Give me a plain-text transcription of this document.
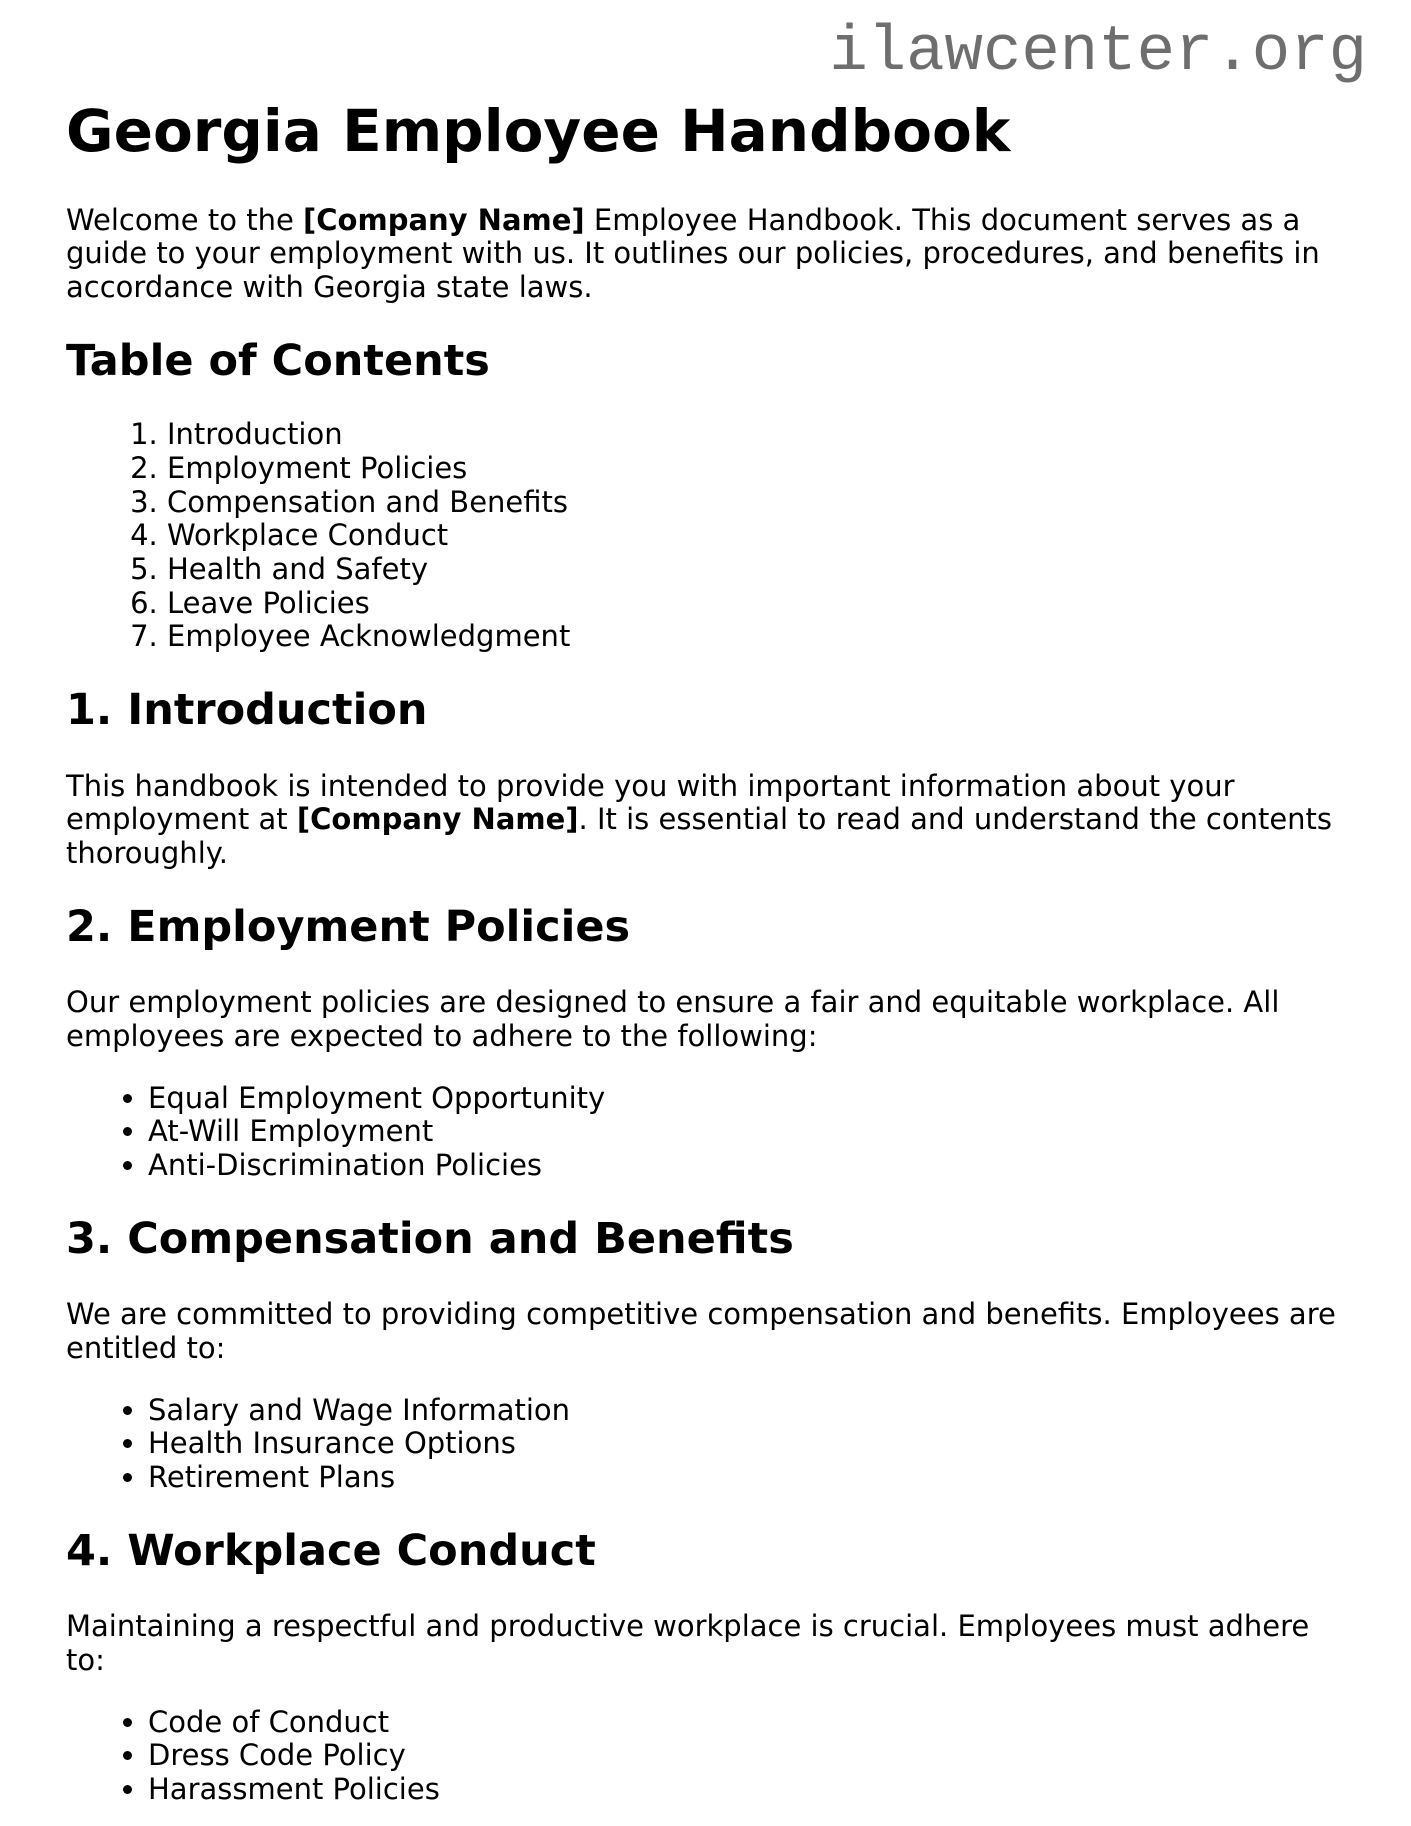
ilawcenter.org
Georgia Employee Handbook

Welcome to the [Company Name] Employee Handbook. This document serves as a guide to your employment with us. It outlines our policies, procedures, and benefits in accordance with Georgia state laws.

Table of Contents
1. Introduction
2. Employment Policies
3. Compensation and Benefits
4. Workplace Conduct
5. Health and Safety
6. Leave Policies
7. Employee Acknowledgment
1. Introduction

This handbook is intended to provide you with important information about your employment at [Company Name]. It is essential to read and understand the contents thoroughly.

2. Employment Policies

Our employment policies are designed to ensure a fair and equitable workplace. All employees are expected to adhere to the following:

• Equal Employment Opportunity
• At-Will Employment
• Anti-Discrimination Policies
3. Compensation and Benefits

We are committed to providing competitive compensation and benefits. Employees are entitled to:

• Salary and Wage Information
• Health Insurance Options
• Retirement Plans
4. Workplace Conduct

Maintaining a respectful and productive workplace is crucial. Employees must adhere to:

• Code of Conduct
• Dress Code Policy
• Harassment Policies
